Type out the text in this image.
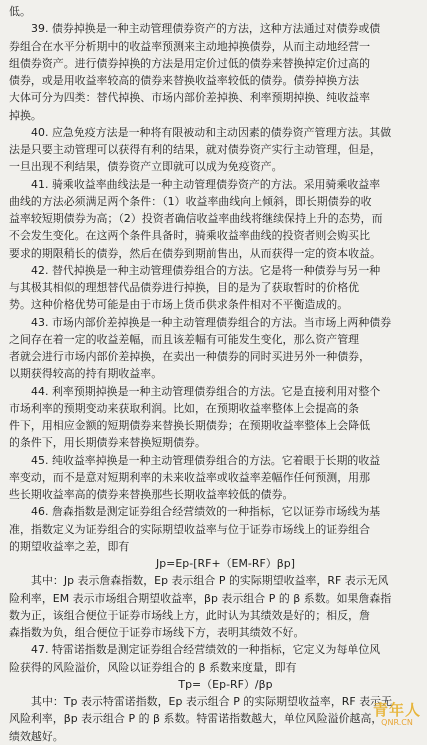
低。
39. 债券掉换是一种主动管理债券资产的方法，这种方法通过对债券或债
券组合在水平分析期中的收益率预测来主动地掉换债券，从而主动地经营一
组债券资产。进行债券掉换的方法是用定价过低的债券来替换掉定价过高的
债券，或是用收益率较高的债券来替换收益率较低的债券。债券掉换方法
大体可分为四类：替代掉换、市场内部价差掉换、利率预期掉换、纯收益率
掉换。
40. 应急免疫方法是一种将有限被动和主动因素的债券资产管理方法。其做
法是只要主动管理可以获得有利的结果，就对债券资产实行主动管理，但是，
一旦出现不利结果，债券资产立即就可以成为免疫资产。
41. 骑乘收益率曲线法是一种主动管理债券资产的方法。采用骑乘收益率
曲线的方法必须满足两个条件：（1）收益率曲线向上倾斜，即长期债券的收
益率较短期债券为高；（2）投资者确信收益率曲线将继续保持上升的态势，而
不会发生变化。在这两个条件具备时，骑乘收益率曲线的投资者则会购买比
要求的期限稍长的债券，然后在债券到期前售出，从而获得一定的资本收益。
42. 替代掉换是一种主动管理债券组合的方法。它是将一种债券与另一种
与其极其相似的理想替代品债券进行掉换，目的是为了获取暂时的价格优
势。这种价格优势可能是由于市场上货币供求条件相对不平衡造成的。
43. 市场内部价差掉换是一种主动管理债券组合的方法。当市场上两种债券
之间存在着一定的收益差幅，而且该差幅有可能发生变化，那么资产管理
者就会进行市场内部价差掉换，在卖出一种债券的同时买进另外一种债券，
以期获得较高的持有期收益率。
44. 利率预期掉换是一种主动管理债券组合的方法。它是直接利用对整个
市场利率的预期变动来获取利润。比如，在预期收益率整体上会提高的条
件下，用相应金额的短期债券来替换长期债券；在预期收益率整体上会降低
的条件下，用长期债券来替换短期债券。
45. 纯收益率掉换是一种主动管理债券组合的方法。它着眼于长期的收益
率变动，而不是意对短期利率的未来收益率或收益率差幅作任何预测，用那
些长期收益率高的债券来替换那些长期收益率较低的债券。
46. 詹森指数是测定证券组合经营绩效的一种指标，它以证券市场线为基
准，指数定义为证券组合的实际期望收益率与位于证券市场线上的证券组合
的期望收益率之差，即有
Jp=Ep-[RF+（EM-RF）βp]
其中：Jp 表示詹森指数，Ep 表示组合 P 的实际期望收益率，RF 表示无风
险利率，EM 表示市场组合期望收益率，βp 表示组合 P 的 β 系数。如果詹森指
数为正，该组合便位于证券市场线上方，此时认为其绩效是好的；相反，詹
森指数为负，组合便位于证券市场线下方，表明其绩效不好。
47. 特雷诺指数是测定证券组合经营绩效的一种指标，它定义为每单位风
险获得的风险溢价，风险以证券组合的 β 系数来度量，即有
Tp=（Ep-RF）/βp
其中：Tp 表示特雷诺指数，Ep 表示组合 P 的实际期望收益率，RF 表示无
风险利率，βp 表示组合 P 的 β 系数。特雷诺指数越大，单位风险溢价越高，
绩效越好。
青年人
QNR.CN
